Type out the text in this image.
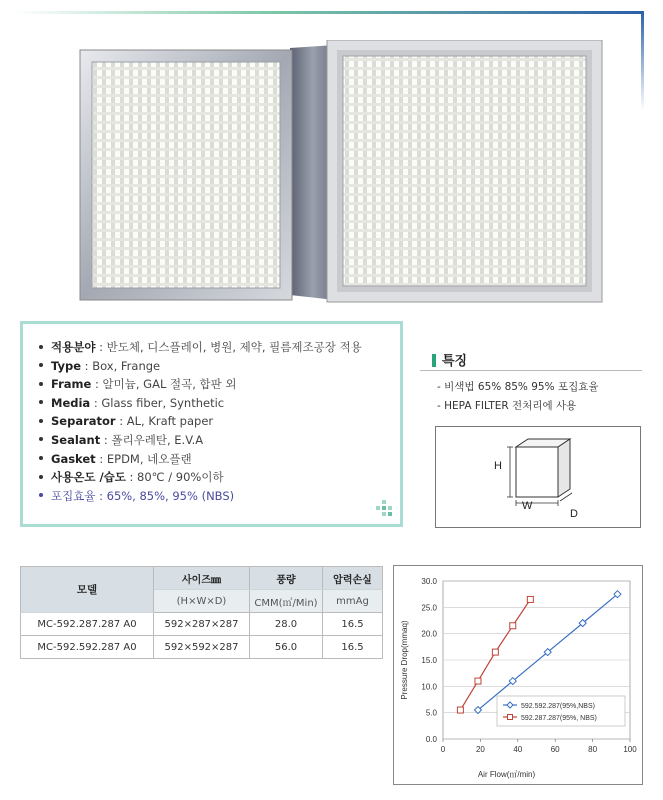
적용분야 : 반도체, 디스플레이, 병원, 제약, 필름제조공장 적용
Type : Box, Frange
Frame : 알미늄, GAL 절곡, 합판 외
Media : Glass fiber, Synthetic
Separator : AL, Kraft paper
Sealant : 폴리우레탄, E.V.A
Gasket : EPDM, 네오플랜
사용온도 /습도 : 80℃ / 90%이하
포집효율 : 65%, 85%, 95% (NBS)
특징
- 비색법 65% 85% 95% 포집효율
- HEPA FILTER 전처리에 사용
H
W
D
모델	사이즈㎜	풍량	압력손실
	(H×W×D)	CMM(㎥/Min)	mmAg
MC-592.287.287 A0	592×287×287	28.0	16.5
MC-592.592.287 A0	592×592×287	56.0	16.5
0.0
5.0
10.0
15.0
20.0
25.0
30.0
0	20	40	60	80	100
Air Flow(㎥/min)
Pressure Drop(mmaq)
592.592.287(95%,NBS)
592.287.287(95%, NBS)
